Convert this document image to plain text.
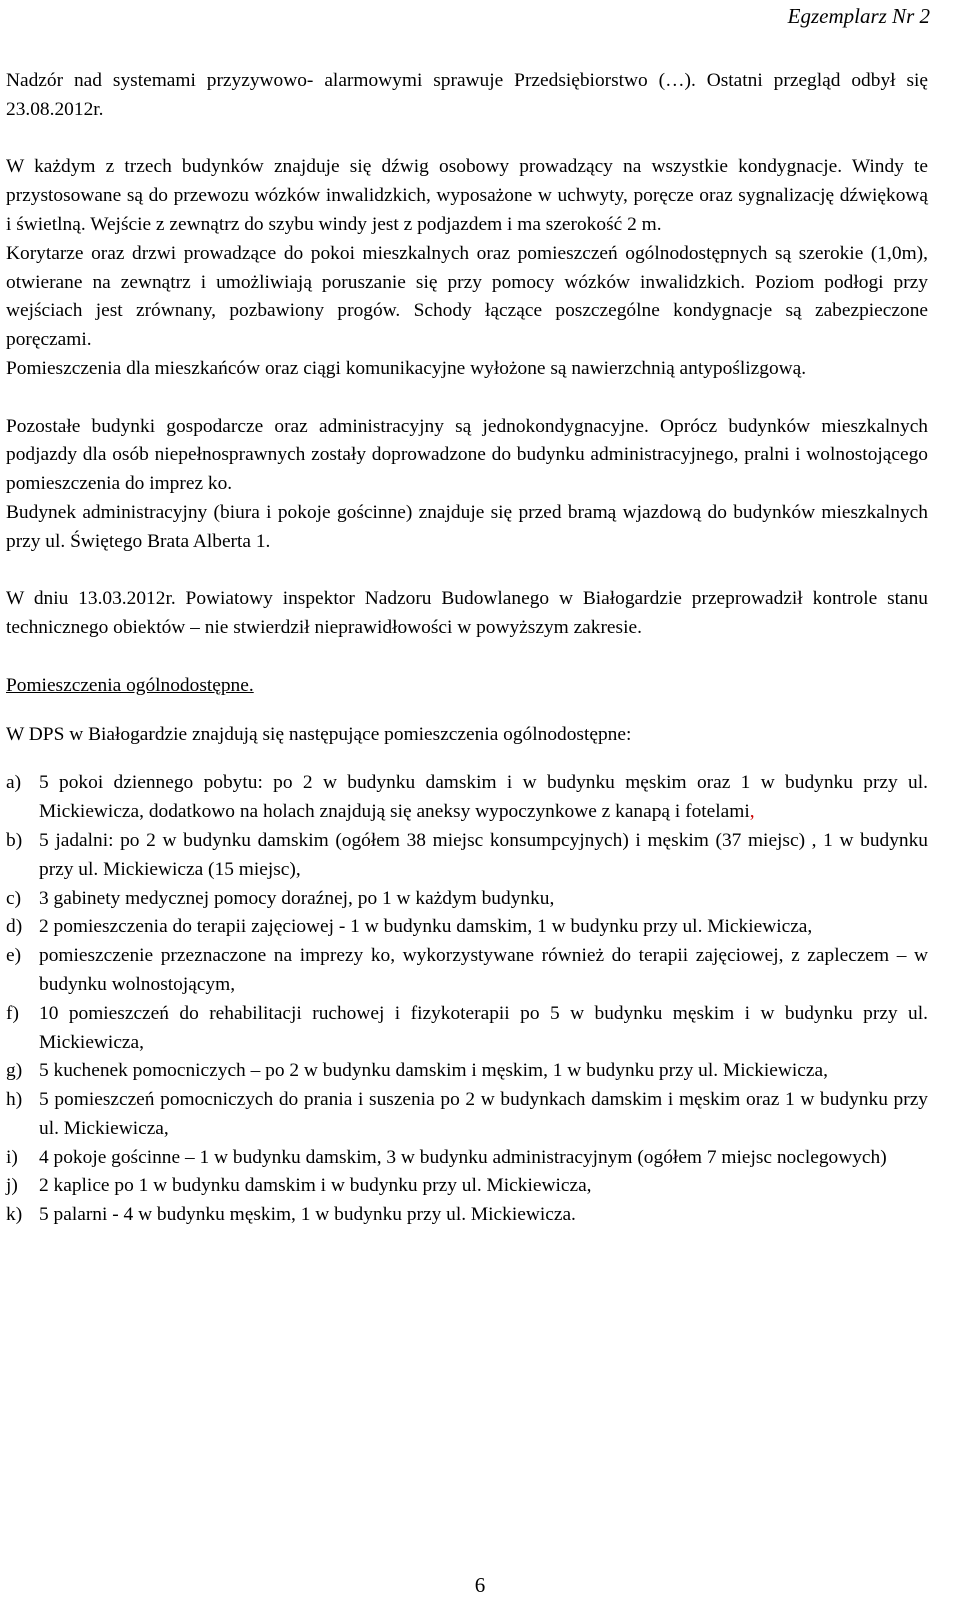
Egzemplarz Nr 2

Nadzór nad systemami przyzywowo- alarmowymi sprawuje Przedsiębiorstwo (…). Ostatni przegląd odbył się 23.08.2012r.

W każdym z trzech budynków znajduje się dźwig osobowy prowadzący na wszystkie kondygnacje. Windy te przystosowane są do przewozu wózków inwalidzkich, wyposażone w uchwyty, poręcze oraz sygnalizację dźwiękową i świetlną. Wejście z zewnątrz do szybu windy jest z podjazdem i ma szerokość 2 m.

Korytarze oraz drzwi prowadzące do pokoi mieszkalnych oraz pomieszczeń ogólnodostępnych są szerokie (1,0m), otwierane na zewnątrz i umożliwiają poruszanie się przy pomocy wózków inwalidzkich. Poziom podłogi przy wejściach jest zrównany, pozbawiony progów. Schody łączące poszczególne kondygnacje są zabezpieczone poręczami.

Pomieszczenia dla mieszkańców oraz ciągi komunikacyjne wyłożone są nawierzchnią antypoślizgową.

Pozostałe budynki gospodarcze oraz administracyjny są jednokondygnacyjne. Oprócz budynków mieszkalnych podjazdy dla osób niepełnosprawnych zostały doprowadzone do budynku administracyjnego, pralni i wolnostojącego pomieszczenia do imprez ko.

Budynek administracyjny (biura i pokoje gościnne) znajduje się przed bramą wjazdową do budynków mieszkalnych przy ul. Świętego Brata Alberta 1.

W dniu 13.03.2012r. Powiatowy inspektor Nadzoru Budowlanego w Białogardzie przeprowadził kontrole stanu technicznego obiektów – nie stwierdził nieprawidłowości w powyższym zakresie.

Pomieszczenia ogólnodostępne.

W DPS w Białogardzie znajdują się następujące pomieszczenia ogólnodostępne:

a) 5 pokoi dziennego pobytu: po 2 w budynku damskim i w budynku męskim oraz 1 w budynku przy ul. Mickiewicza, dodatkowo na holach znajdują się aneksy wypoczynkowe z kanapą i fotelami,
b) 5 jadalni: po 2 w budynku damskim (ogółem 38 miejsc konsumpcyjnych) i męskim (37 miejsc) , 1 w budynku przy ul. Mickiewicza (15 miejsc),
c) 3 gabinety medycznej pomocy doraźnej, po 1 w każdym budynku,
d) 2 pomieszczenia do terapii zajęciowej - 1 w budynku damskim, 1 w budynku przy ul. Mickiewicza,
e) pomieszczenie przeznaczone na imprezy ko, wykorzystywane również do terapii zajęciowej, z zapleczem – w budynku wolnostojącym,
f) 10 pomieszczeń do rehabilitacji ruchowej i fizykoterapii po 5 w budynku męskim i w budynku przy ul. Mickiewicza,
g) 5 kuchenek pomocniczych – po 2 w budynku damskim i męskim, 1 w budynku przy ul. Mickiewicza,
h) 5 pomieszczeń pomocniczych do prania i suszenia po 2 w budynkach damskim i męskim oraz 1 w budynku przy ul. Mickiewicza,
i) 4 pokoje gościnne – 1 w budynku damskim, 3 w budynku administracyjnym (ogółem 7 miejsc noclegowych)
j) 2 kaplice po 1 w budynku damskim i w budynku przy ul. Mickiewicza,
k) 5 palarni - 4 w budynku męskim, 1 w budynku przy ul. Mickiewicza.
6
